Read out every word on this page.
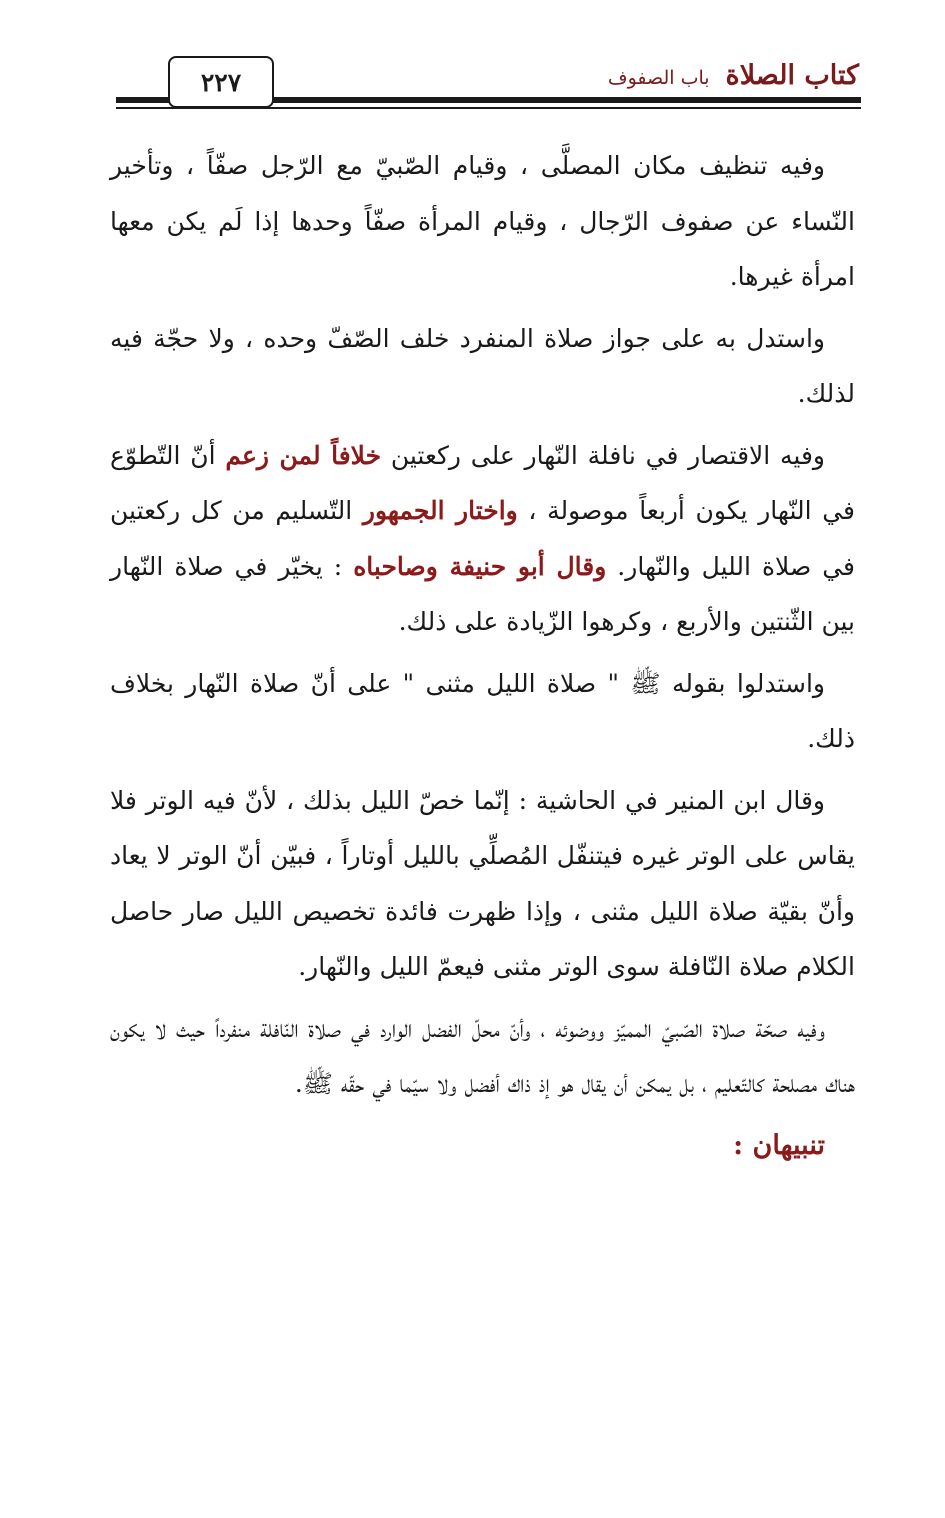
٢٢٧	كتاب الصلاة
باب الصفوف

وفيه تنظيف مكان المصلَّى ، وقيام الصّبيّ مع الرّجل صفّاً ، وتأخير النّساء عن صفوف الرّجال ، وقيام المرأة صفّاً وحدها إذا لَم يكن معها امرأة غيرها.

واستدل به على جواز صلاة المنفرد خلف الصّفّ وحده ، ولا حجّة فيه لذلك.

وفيه الاقتصار في نافلة النّهار على ركعتين خلافاً لمن زعم أنّ التّطوّع في النّهار يكون أربعاً موصولة ، واختار الجمهور التّسليم من كل ركعتين في صلاة الليل والنّهار. وقال أبو حنيفة وصاحباه : يخيّر في صلاة النّهار بين الثّنتين والأربع ، وكرهوا الزّيادة على ذلك.

واستدلوا بقوله ﷺ " صلاة الليل مثنى " على أنّ صلاة النّهار بخلاف ذلك.

وقال ابن المنير في الحاشية : إنّما خصّ الليل بذلك ، لأنّ فيه الوتر فلا يقاس على الوتر غيره فيتنفّل المُصلِّي بالليل أوتاراً ، فبيّن أنّ الوتر لا يعاد وأنّ بقيّة صلاة الليل مثنى ، وإذا ظهرت فائدة تخصيص الليل صار حاصل الكلام صلاة النّافلة سوى الوتر مثنى فيعمّ الليل والنّهار.

وفيه صحّة صلاة الصّبيّ المميّز ووضوئه ، وأنّ محلّ الفضل الوارد في صلاة النّافلة منفرداً حيث لا يكون هناك مصلحة كالتّعليم ، بل يمكن أن يقال هو إذ ذاك أفضل ولا سيّما في حقّه ﷺ.

تنبيهان :
